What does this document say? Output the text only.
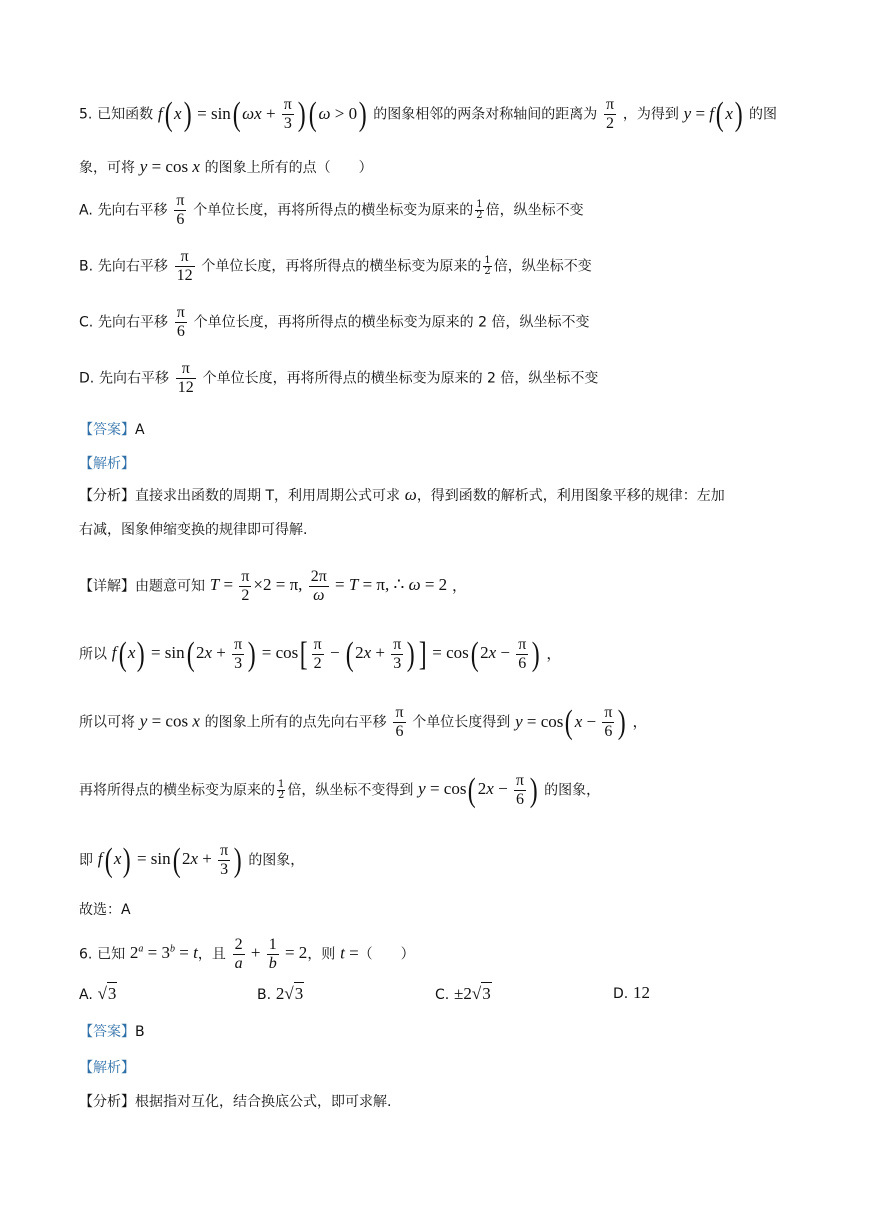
5. 已知函数 $f(x) = \sin(\omega x + \frac{\pi}{3} )(\omega > 0)$ 的图象相邻的两条对称轴间的距离为 $\frac{\pi}{2}$ ，为得到 y = f(x) 的图
象，可将 y = cos x 的图象上所有的点（　　）
A. 先向右平移 $\frac{\pi}{6}$ 个单位长度，再将所得点的横坐标变为原来的 $\frac{1}{2}$ 倍，纵坐标不变
B. 先向右平移 $\frac{\pi}{12}$ 个单位长度，再将所得点的横坐标变为原来的 $\frac{1}{2}$ 倍，纵坐标不变
C. 先向右平移 $\frac{\pi}{6}$ 个单位长度，再将所得点的横坐标变为原来的 2 倍，纵坐标不变
D. 先向右平移 $\frac{\pi}{12}$ 个单位长度，再将所得点的横坐标变为原来的 2 倍，纵坐标不变
【答案】A
【解析】
【分析】直接求出函数的周期 T，利用周期公式可求 ω，得到函数的解析式，利用图象平移的规律：左加
右减，图象伸缩变换的规律即可得解.
【详解】由题意可知 $T = \frac{\pi}{2} \times 2 = \pi$, $\frac{2\pi}{\omega} = T = \pi$, ∴ ω = 2 ，
所以 $f(x) = \sin(2x + \frac{\pi}{3}$ ) = $\cos[ \frac{\pi}{2} - (2x + \frac{\pi}{3}$ )] = $\cos(2x - \frac{\pi}{6}$ ) ，
所以可将 y = cos x 的图象上所有的点先向右平移 $\frac{\pi}{6}$ 个单位长度得到 $y = \cos(x - \frac{\pi}{6}$ ) ，
再将所得点的横坐标变为原来的 $\frac{1}{2}$ 倍，纵坐标不变得到 $y = \cos(2x - \frac{\pi}{6}$ ) 的图象，
即 $f(x) = \sin(2x + \frac{\pi}{3}$ ) 的图象，
故选：A
6. 已知 $2^a = 3^b = t$，且 $\frac{2}{a} + \frac{1}{b} = 2$，则 t =（　　）
A. √3	B. 2√3	C. ±2√3	D. 12
【答案】B
【解析】
【分析】根据指对互化，结合换底公式，即可求解.
